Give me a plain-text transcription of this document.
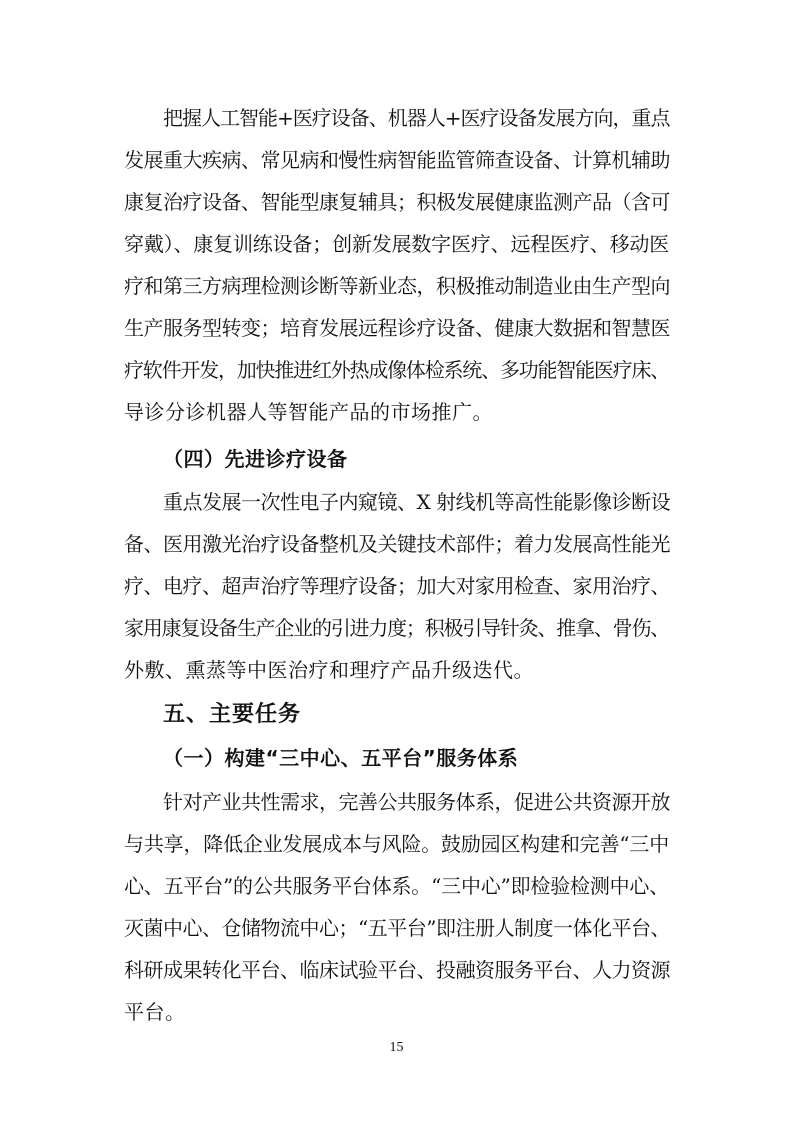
把握人工智能+医疗设备、机器人+医疗设备发展方向，重点
发展重大疾病、常见病和慢性病智能监管筛查设备、计算机辅助
康复治疗设备、智能型康复辅具；积极发展健康监测产品（含可
穿戴）、康复训练设备；创新发展数字医疗、远程医疗、移动医
疗和第三方病理检测诊断等新业态，积极推动制造业由生产型向
生产服务型转变；培育发展远程诊疗设备、健康大数据和智慧医
疗软件开发，加快推进红外热成像体检系统、多功能智能医疗床、
导诊分诊机器人等智能产品的市场推广。
（四）先进诊疗设备
重点发展一次性电子内窥镜、X 射线机等高性能影像诊断设
备、医用激光治疗设备整机及关键技术部件；着力发展高性能光
疗、电疗、超声治疗等理疗设备；加大对家用检查、家用治疗、
家用康复设备生产企业的引进力度；积极引导针灸、推拿、骨伤、
外敷、熏蒸等中医治疗和理疗产品升级迭代。
五、主要任务
（一）构建“三中心、五平台”服务体系
针对产业共性需求，完善公共服务体系，促进公共资源开放
与共享，降低企业发展成本与风险。鼓励园区构建和完善“三中
心、五平台”的公共服务平台体系。“三中心”即检验检测中心、
灭菌中心、仓储物流中心；“五平台”即注册人制度一体化平台、
科研成果转化平台、临床试验平台、投融资服务平台、人力资源
平台。
15
